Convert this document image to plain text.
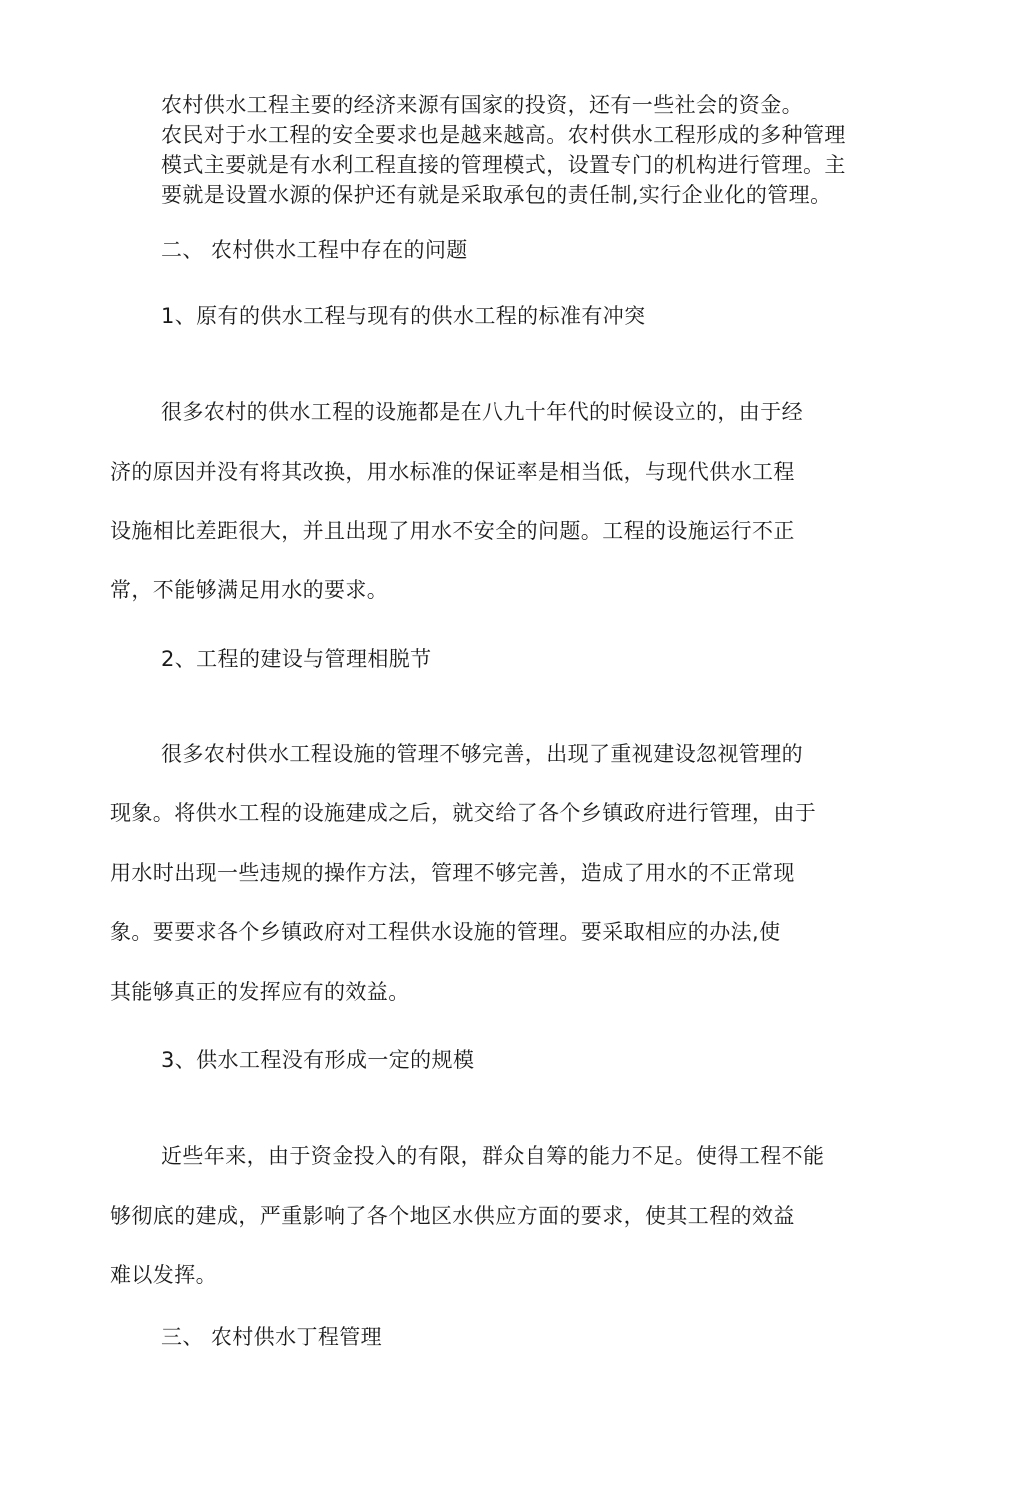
农村供水工程主要的经济来源有国家的投资，还有一些社会的资金。
农民对于水工程的安全要求也是越来越高。农村供水工程形成的多种管理
模式主要就是有水利工程直接的管理模式，设置专门的机构进行管理。主
要就是设置水源的保护还有就是采取承包的责任制,实行企业化的管理。
二、 农村供水工程中存在的问题
1、原有的供水工程与现有的供水工程的标准有冲突
很多农村的供水工程的设施都是在八九十年代的时候设立的，由于经
济的原因并没有将其改换，用水标准的保证率是相当低，与现代供水工程
设施相比差距很大，并且出现了用水不安全的问题。工程的设施运行不正
常，不能够满足用水的要求。
2、工程的建设与管理相脱节
很多农村供水工程设施的管理不够完善，出现了重视建设忽视管理的
现象。将供水工程的设施建成之后，就交给了各个乡镇政府进行管理，由于
用水时出现一些违规的操作方法，管理不够完善，造成了用水的不正常现
象。要要求各个乡镇政府对工程供水设施的管理。要采取相应的办法,使
其能够真正的发挥应有的效益。
3、供水工程没有形成一定的规模
近些年来，由于资金投入的有限，群众自筹的能力不足。使得工程不能
够彻底的建成，严重影响了各个地区水供应方面的要求，使其工程的效益
难以发挥。
三、 农村供水丁程管理
